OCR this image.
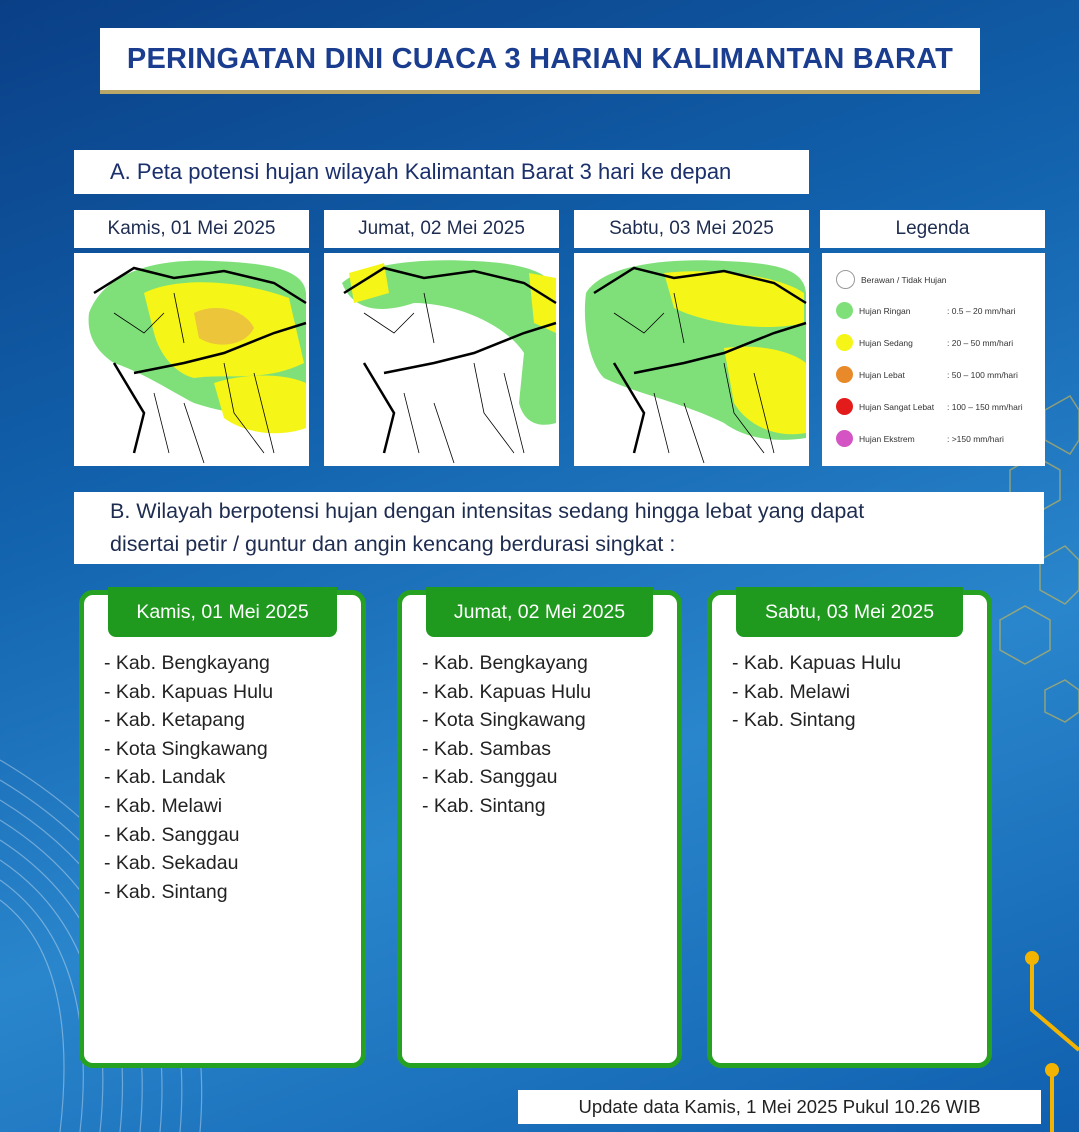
PERINGATAN DINI CUACA 3 HARIAN KALIMANTAN BARAT
A. Peta potensi hujan wilayah Kalimantan Barat 3 hari ke depan
Kamis, 01 Mei 2025	Jumat, 02 Mei 2025	Sabtu, 03 Mei 2025	Legenda
Berawan / Tidak Hujan
Hujan Ringan	: 0.5 – 20 mm/hari
Hujan Sedang	: 20 – 50 mm/hari
Hujan Lebat	: 50 – 100 mm/hari
Hujan Sangat Lebat	: 100 – 150 mm/hari
Hujan Ekstrem	: >150 mm/hari
B. Wilayah berpotensi hujan dengan intensitas sedang hingga lebat yang dapat
disertai petir / guntur dan angin kencang berdurasi singkat :
Kamis, 01 Mei 2025
- Kab. Bengkayang
- Kab. Kapuas Hulu
- Kab. Ketapang
- Kota Singkawang
- Kab. Landak
- Kab. Melawi
- Kab. Sanggau
- Kab. Sekadau
- Kab. Sintang
Jumat, 02 Mei 2025
- Kab. Bengkayang
- Kab. Kapuas Hulu
- Kota Singkawang
- Kab. Sambas
- Kab. Sanggau
- Kab. Sintang
Sabtu, 03 Mei 2025
- Kab. Kapuas Hulu
- Kab. Melawi
- Kab. Sintang
Update data Kamis, 1 Mei 2025 Pukul 10.26 WIB
